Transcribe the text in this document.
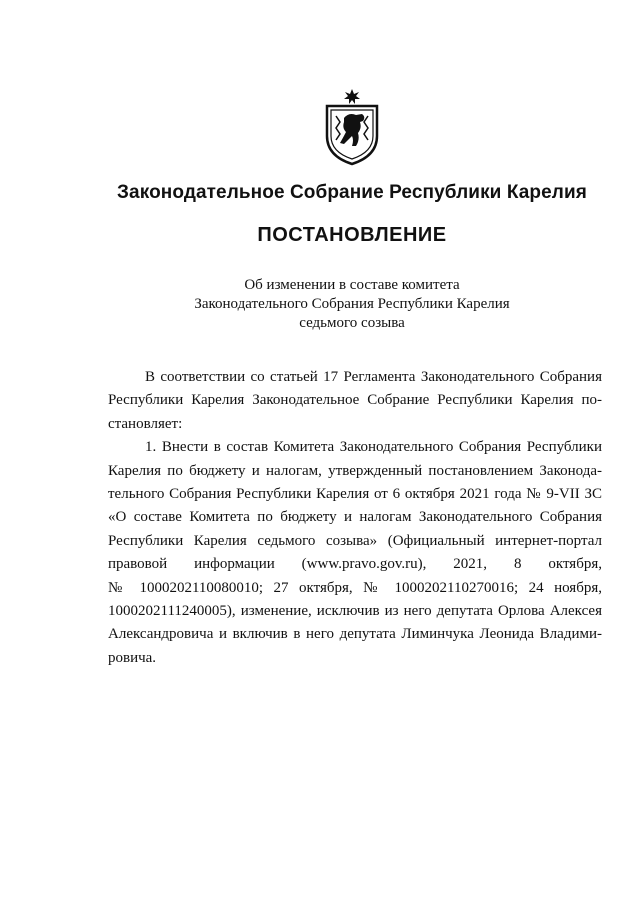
Законодательное Собрание Республики Карелия
ПОСТАНОВЛЕНИЕ
Об изменении в составе комитета
Законодательного Собрания Республики Карелия
седьмого созыва
В соответствии со статьей 17 Регламента Законодательного Собрания
Республики Карелия Законодательное Собрание Республики Карелия по-
становляет:
1. Внести в состав Комитета Законодательного Собрания Республики
Карелия по бюджету и налогам, утвержденный постановлением Законода-
тельного Собрания Республики Карелия от 6 октября 2021 года № 9-VII ЗС
«О составе Комитета по бюджету и налогам Законодательного Собрания
Республики Карелия седьмого созыва» (Официальный интернет-портал
правовой информации (www.pravo.gov.ru), 2021, 8 октября,
№ 1000202110080010; 27 октября, № 1000202110270016; 24 ноября,
1000202111240005), изменение, исключив из него депутата Орлова Алексея
Александровича и включив в него депутата Лиминчука Леонида Владими-
ровича.
